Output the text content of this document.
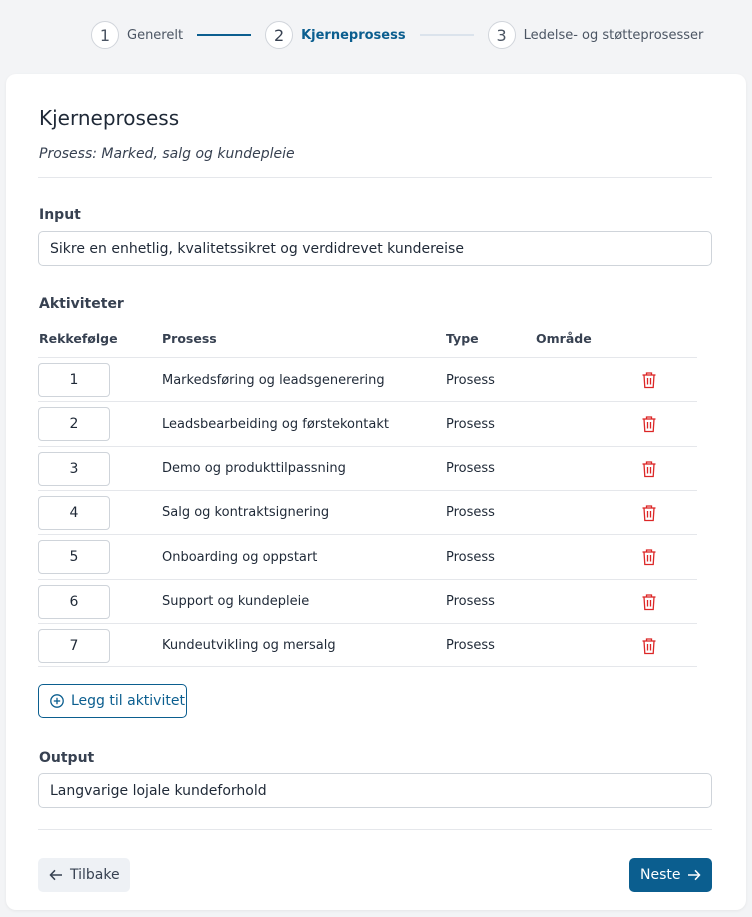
1	Generelt	2	Kjerneprosess	3	Ledelse- og støtteprosesser
Kjerneprosess
Prosess: Marked, salg og kundepleie
Input
Sikre en enhetlig, kvalitetssikret og verdidrevet kundereise
Aktiviteter
Rekkefølge	Prosess	Type	Område
1	Markedsføring og leadsgenerering	Prosess
2	Leadsbearbeiding og førstekontakt	Prosess
3	Demo og produkttilpassning	Prosess
4	Salg og kontraktsignering	Prosess
5	Onboarding og oppstart	Prosess
6	Support og kundepleie	Prosess
7	Kundeutvikling og mersalg	Prosess
Legg til aktivitet
Output
Langvarige lojale kundeforhold
Tilbake	Neste
